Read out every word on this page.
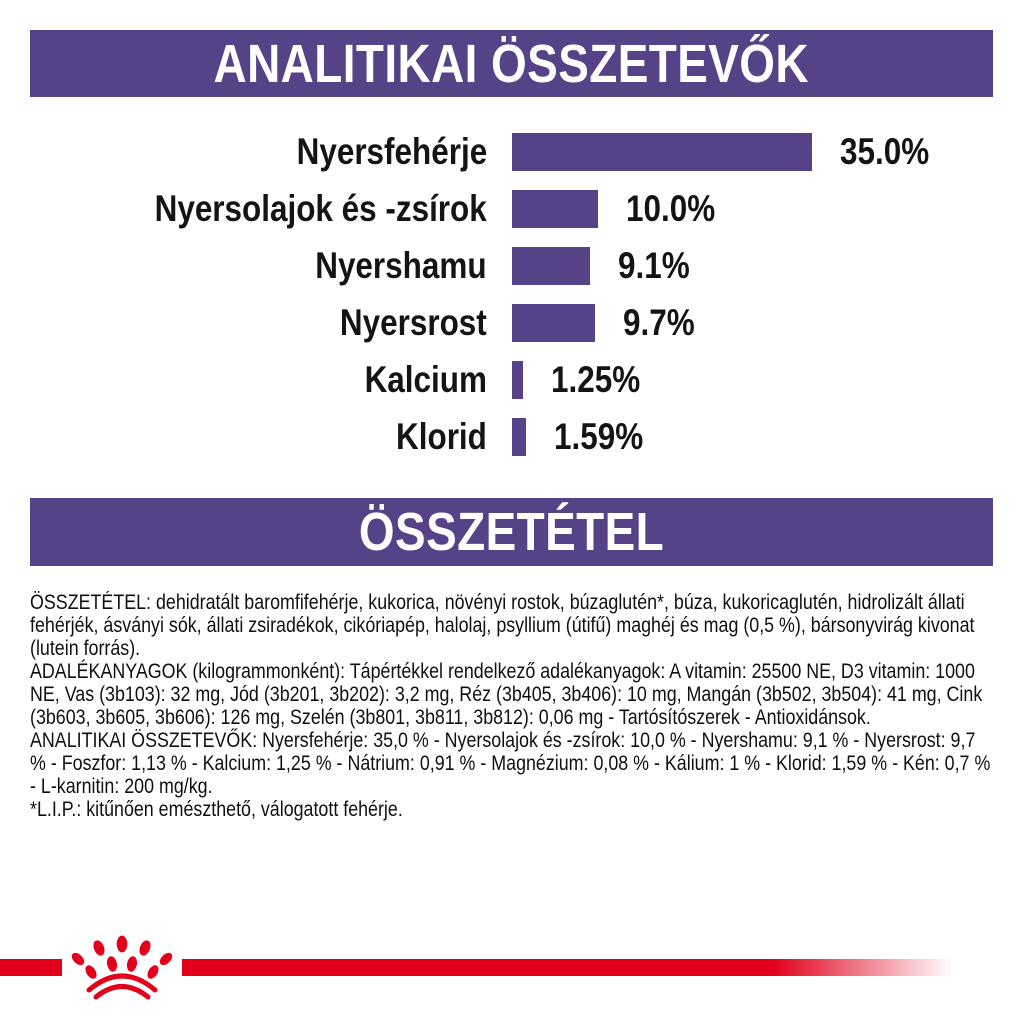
ANALITIKAI ÖSSZETEVŐK
Nyersfehérje	35.0%
Nyersolajok és -zsírok	10.0%
Nyershamu	9.1%
Nyersrost	9.7%
Kalcium 1.25%
Klorid 1.59%
ÖSSZETÉTEL

ÖSSZETÉTEL: dehidratált baromfifehérje, kukorica, növényi rostok, búzaglutén*, búza, kukoricaglutén, hidrolizált állati fehérjék, ásványi sók, állati zsiradékok, cikóriapép, halolaj, psyllium (útifű) maghéj és mag (0,5 %), bársonyvirág kivonat (lutein forrás).

ADALÉKANYAGOK (kilogrammonként): Tápértékkel rendelkező adalékanyagok: A vitamin: 25500 NE, D3 vitamin: 1000 NE, Vas (3b103): 32 mg, Jód (3b201, 3b202): 3,2 mg, Réz (3b405, 3b406): 10 mg, Mangán (3b502, 3b504): 41 mg, Cink (3b603, 3b605, 3b606): 126 mg, Szelén (3b801, 3b811, 3b812): 0,06 mg - Tartósítószerek - Antioxidánsok.

ANALITIKAI ÖSSZETEVŐK: Nyersfehérje: 35,0 % - Nyersolajok és -zsírok: 10,0 % - Nyershamu: 9,1 % - Nyersrost: 9,7 % - Foszfor: 1,13 % - Kalcium: 1,25 % - Nátrium: 0,91 % - Magnézium: 0,08 % - Kálium: 1 % - Klorid: 1,59 % - Kén: 0,7 % - L-karnitin: 200 mg/kg.

*L.I.P.: kitűnően emészthető, válogatott fehérje.
